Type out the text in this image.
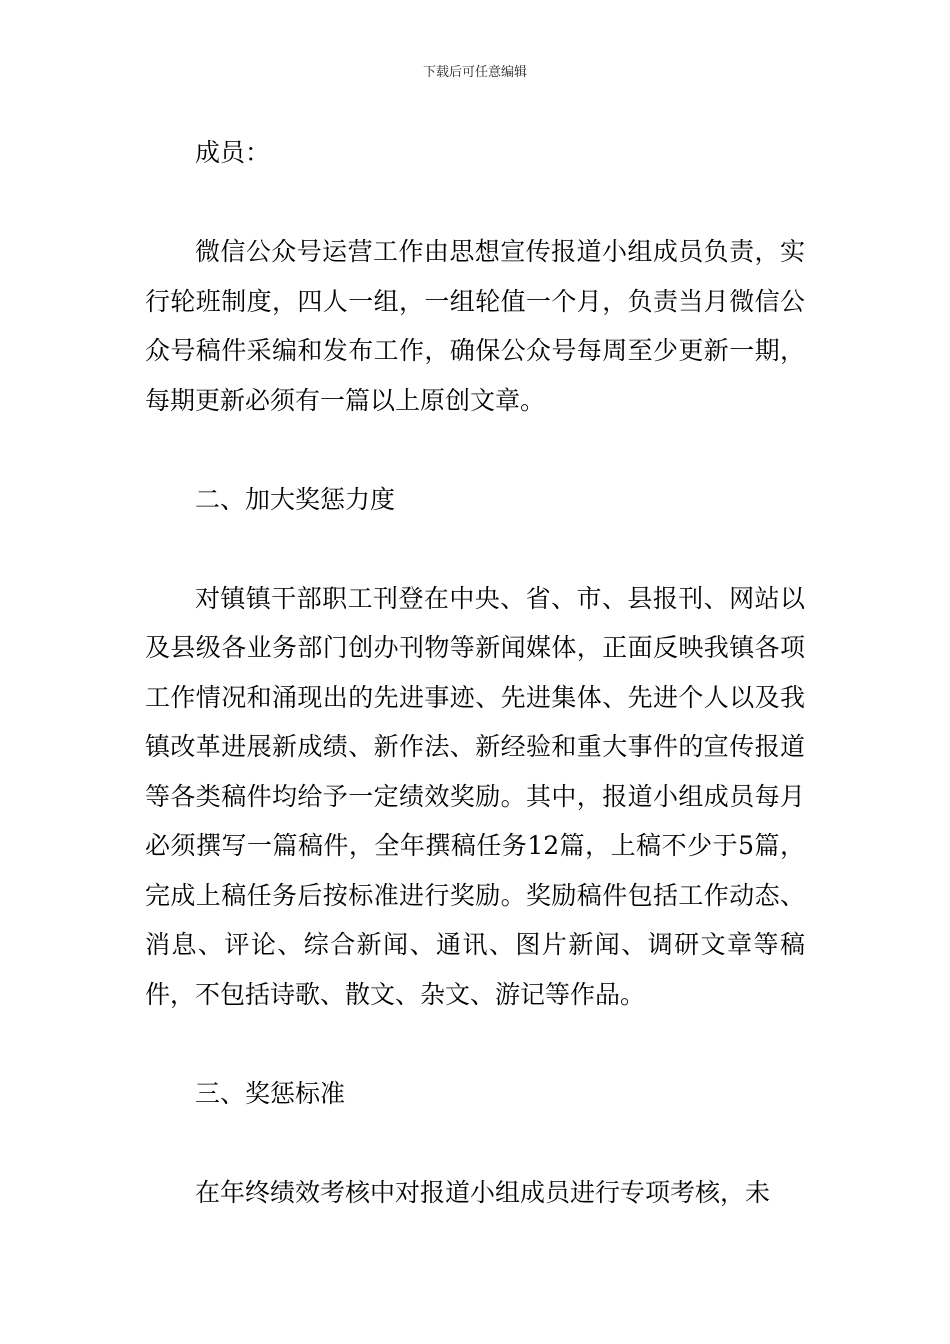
下载后可任意编辑

成员：

微信公众号运营工作由思想宣传报道小组成员负责，实行轮班制度，四人一组，一组轮值一个月，负责当月微信公众号稿件采编和发布工作，确保公众号每周至少更新一期，每期更新必须有一篇以上原创文章。

二、加大奖惩力度

对镇镇干部职工刊登在中央、省、市、县报刊、网站以及县级各业务部门创办刊物等新闻媒体，正面反映我镇各项工作情况和涌现出的先进事迹、先进集体、先进个人以及我镇改革进展新成绩、新作法、新经验和重大事件的宣传报道等各类稿件均给予一定绩效奖励。其中，报道小组成员每月必须撰写一篇稿件，全年撰稿任务12篇，上稿不少于5篇，完成上稿任务后按标准进行奖励。奖励稿件包括工作动态、消息、评论、综合新闻、通讯、图片新闻、调研文章等稿件，不包括诗歌、散文、杂文、游记等作品。

三、奖惩标准

在年终绩效考核中对报道小组成员进行专项考核，未
